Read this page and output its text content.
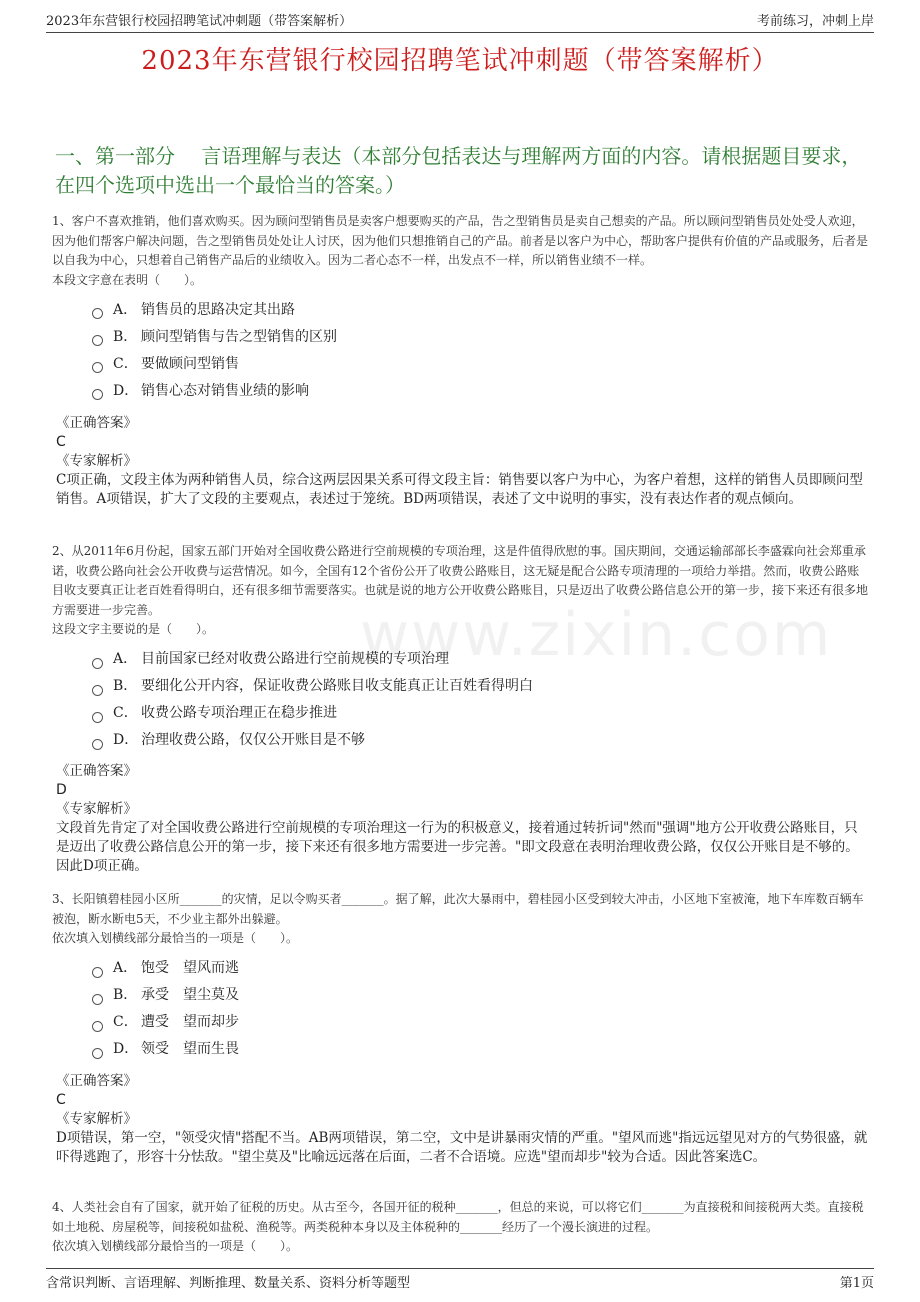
2023年东营银行校园招聘笔试冲刺题（带答案解析）	考前练习，冲刺上岸
www.zixin.com
2023年东营银行校园招聘笔试冲刺题（带答案解析）
一、第一部分　 言语理解与表达（本部分包括表达与理解两方面的内容。请根据题目要求，在四个选项中选出一个最恰当的答案。）

1、客户不喜欢推销，他们喜欢购买。因为顾问型销售员是卖客户想要购买的产品，告之型销售员是卖自己想卖的产品。所以顾问型销售员处处受人欢迎，因为他们帮客户解决问题，告之型销售员处处让人讨厌，因为他们只想推销自己的产品。前者是以客户为中心，帮助客户提供有价值的产品或服务，后者是以自我为中心，只想着自己销售产品后的业绩收入。因为二者心态不一样，出发点不一样，所以销售业绩不一样。

本段文字意在表明（　　）。

A． 销售员的思路决定其出路
B． 顾问型销售与告之型销售的区别
C． 要做顾问型销售
D． 销售心态对销售业绩的影响

《正确答案》

C

《专家解析》

C项正确，文段主体为两种销售人员，综合这两层因果关系可得文段主旨：销售要以客户为中心，为客户着想，这样的销售人员即顾问型销售。A项错误，扩大了文段的主要观点，表述过于笼统。BD两项错误，表述了文中说明的事实，没有表达作者的观点倾向。

2、从2011年6月份起，国家五部门开始对全国收费公路进行空前规模的专项治理，这是件值得欣慰的事。国庆期间，交通运输部部长李盛霖向社会郑重承诺，收费公路向社会公开收费与运营情况。如今，全国有12个省份公开了收费公路账目，这无疑是配合公路专项清理的一项给力举措。然而，收费公路账目收支要真正让老百姓看得明白，还有很多细节需要落实。也就是说的地方公开收费公路账目，只是迈出了收费公路信息公开的第一步，接下来还有很多地方需要进一步完善。

这段文字主要说的是（　　）。

A． 目前国家已经对收费公路进行空前规模的专项治理
B． 要细化公开内容，保证收费公路账目收支能真正让百姓看得明白
C． 收费公路专项治理正在稳步推进
D． 治理收费公路，仅仅公开账目是不够

《正确答案》

D

《专家解析》

文段首先肯定了对全国收费公路进行空前规模的专项治理这一行为的积极意义，接着通过转折词"然而"强调"地方公开收费公路账目，只是迈出了收费公路信息公开的第一步，接下来还有很多地方需要进一步完善。"即文段意在表明治理收费公路，仅仅公开账目是不够的。因此D项正确。

3、长阳镇碧桂园小区所_______的灾情，足以令购买者_______。据了解，此次大暴雨中，碧桂园小区受到较大冲击，小区地下室被淹，地下车库数百辆车被泡，断水断电5天，不少业主都外出躲避。

依次填入划横线部分最恰当的一项是（　　）。

A． 饱受　望风而逃
B． 承受　望尘莫及
C． 遭受　望而却步
D． 领受　望而生畏

《正确答案》

C

《专家解析》

D项错误，第一空，"领受灾情"搭配不当。AB两项错误，第二空，文中是讲暴雨灾情的严重。"望风而逃"指远远望见对方的气势很盛，就吓得逃跑了，形容十分怯敌。"望尘莫及"比喻远远落在后面，二者不合语境。应选"望而却步"较为合适。因此答案选C。

4、人类社会自有了国家，就开始了征税的历史。从古至今，各国开征的税种_______，但总的来说，可以将它们_______为直接税和间接税两大类。直接税如土地税、房屋税等，间接税如盐税、渔税等。两类税种本身以及主体税种的_______经历了一个漫长演进的过程。

依次填入划横线部分最恰当的一项是（　　）。

含常识判断、言语理解、判断推理、数量关系、资料分析等题型	第1页
